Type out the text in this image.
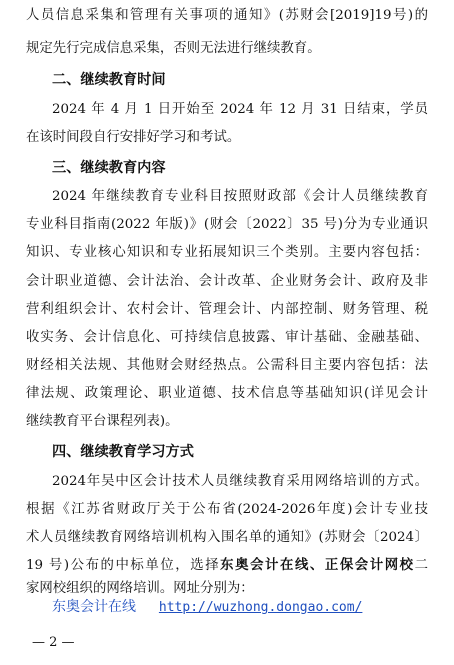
人员信息采集和管理有关事项的通知》(苏财会[2019]19号)的
规定先行完成信息采集，否则无法进行继续教育。
二、继续教育时间
2024 年 4 月 1 日开始至 2024 年 12 月 31 日结束，学员
在该时间段自行安排好学习和考试。
三、继续教育内容
2024 年继续教育专业科目按照财政部《会计人员继续教育
专业科目指南(2022 年版)》(财会〔2022〕35 号)分为专业通识
知识、专业核心知识和专业拓展知识三个类别。主要内容包括：
会计职业道德、会计法治、会计改革、企业财务会计、政府及非
营利组织会计、农村会计、管理会计、内部控制、财务管理、税
收实务、会计信息化、可持续信息披露、审计基础、金融基础、
财经相关法规、其他财会财经热点。公需科目主要内容包括：法
律法规、政策理论、职业道德、技术信息等基础知识(详见会计
继续教育平台课程列表)。
四、继续教育学习方式
2024年吴中区会计技术人员继续教育采用网络培训的方式。
根据《江苏省财政厅关于公布省(2024-2026年度)会计专业技
术人员继续教育网络培训机构入围名单的通知》(苏财会〔2024〕
19 号)公布的中标单位，选择东奥会计在线、正保会计网校二
家网校组织的网络培训。网址分别为：
东奥会计在线 http://wuzhong.dongao.com/
— 2 —
